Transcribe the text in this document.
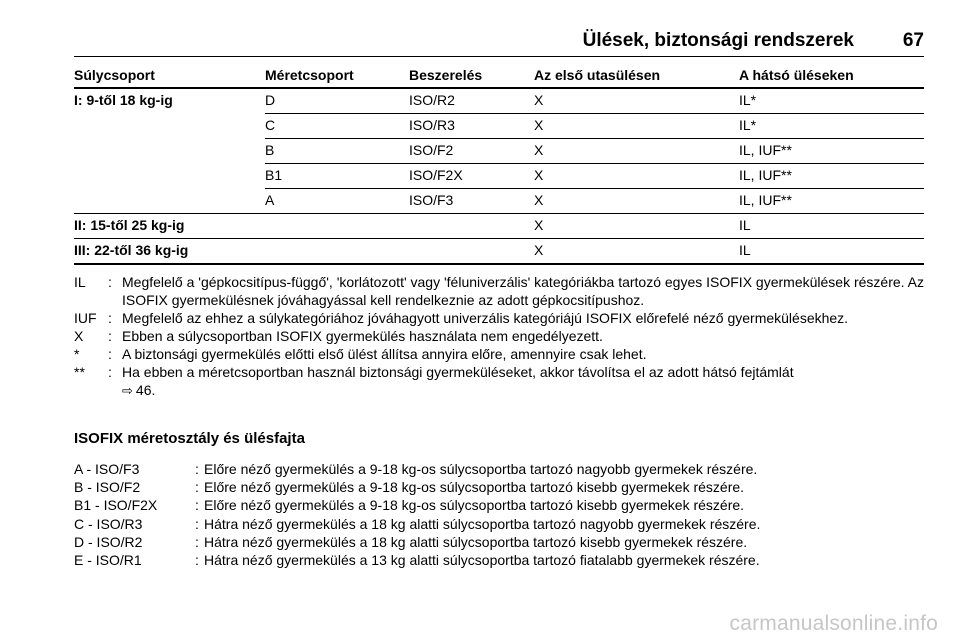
Ülések, biztonsági rendszerek	67
Súlycsoport	Méretcsoport	Beszerelés	Az első utasülésen	A hátsó üléseken
I: 9-től 18 kg-ig	D	ISO/R2	X	IL*
	C	ISO/R3	X	IL*
	B	ISO/F2	X	IL, IUF**
	B1	ISO/F2X	X	IL, IUF**
	A	ISO/F3	X	IL, IUF**
II: 15-től 25 kg-ig			X	IL
III: 22-től 36 kg-ig			X	IL
IL : Megfelelő a 'gépkocsitípus-függő', 'korlátozott' vagy 'féluniverzális' kategóriákba tartozó egyes ISOFIX gyermekülések részére. Az ISOFIX gyermekülésnek jóváhagyással kell rendelkeznie az adott gépkocsitípushoz.
IUF : Megfelelő az ehhez a súlykategóriához jóváhagyott univerzális kategóriájú ISOFIX előrefelé néző gyermekülésekhez.
X : Ebben a súlycsoportban ISOFIX gyermekülés használata nem engedélyezett.
* : A biztonsági gyermekülés előtti első ülést állítsa annyira előre, amennyire csak lehet.
** : Ha ebben a méretcsoportban használ biztonsági gyermeküléseket, akkor távolítsa el az adott hátsó fejtámlát
⇨ 46.
ISOFIX méretosztály és ülésfajta
A - ISO/F3	: Előre néző gyermekülés a 9-18 kg-os súlycsoportba tartozó nagyobb gyermekek részére.
B - ISO/F2	: Előre néző gyermekülés a 9-18 kg-os súlycsoportba tartozó kisebb gyermekek részére.
B1 - ISO/F2X	: Előre néző gyermekülés a 9-18 kg-os súlycsoportba tartozó kisebb gyermekek részére.
C - ISO/R3	: Hátra néző gyermekülés a 18 kg alatti súlycsoportba tartozó nagyobb gyermekek részére.
D - ISO/R2	: Hátra néző gyermekülés a 18 kg alatti súlycsoportba tartozó kisebb gyermekek részére.
E - ISO/R1	: Hátra néző gyermekülés a 13 kg alatti súlycsoportba tartozó fiatalabb gyermekek részére.
carmanualsonline.info
